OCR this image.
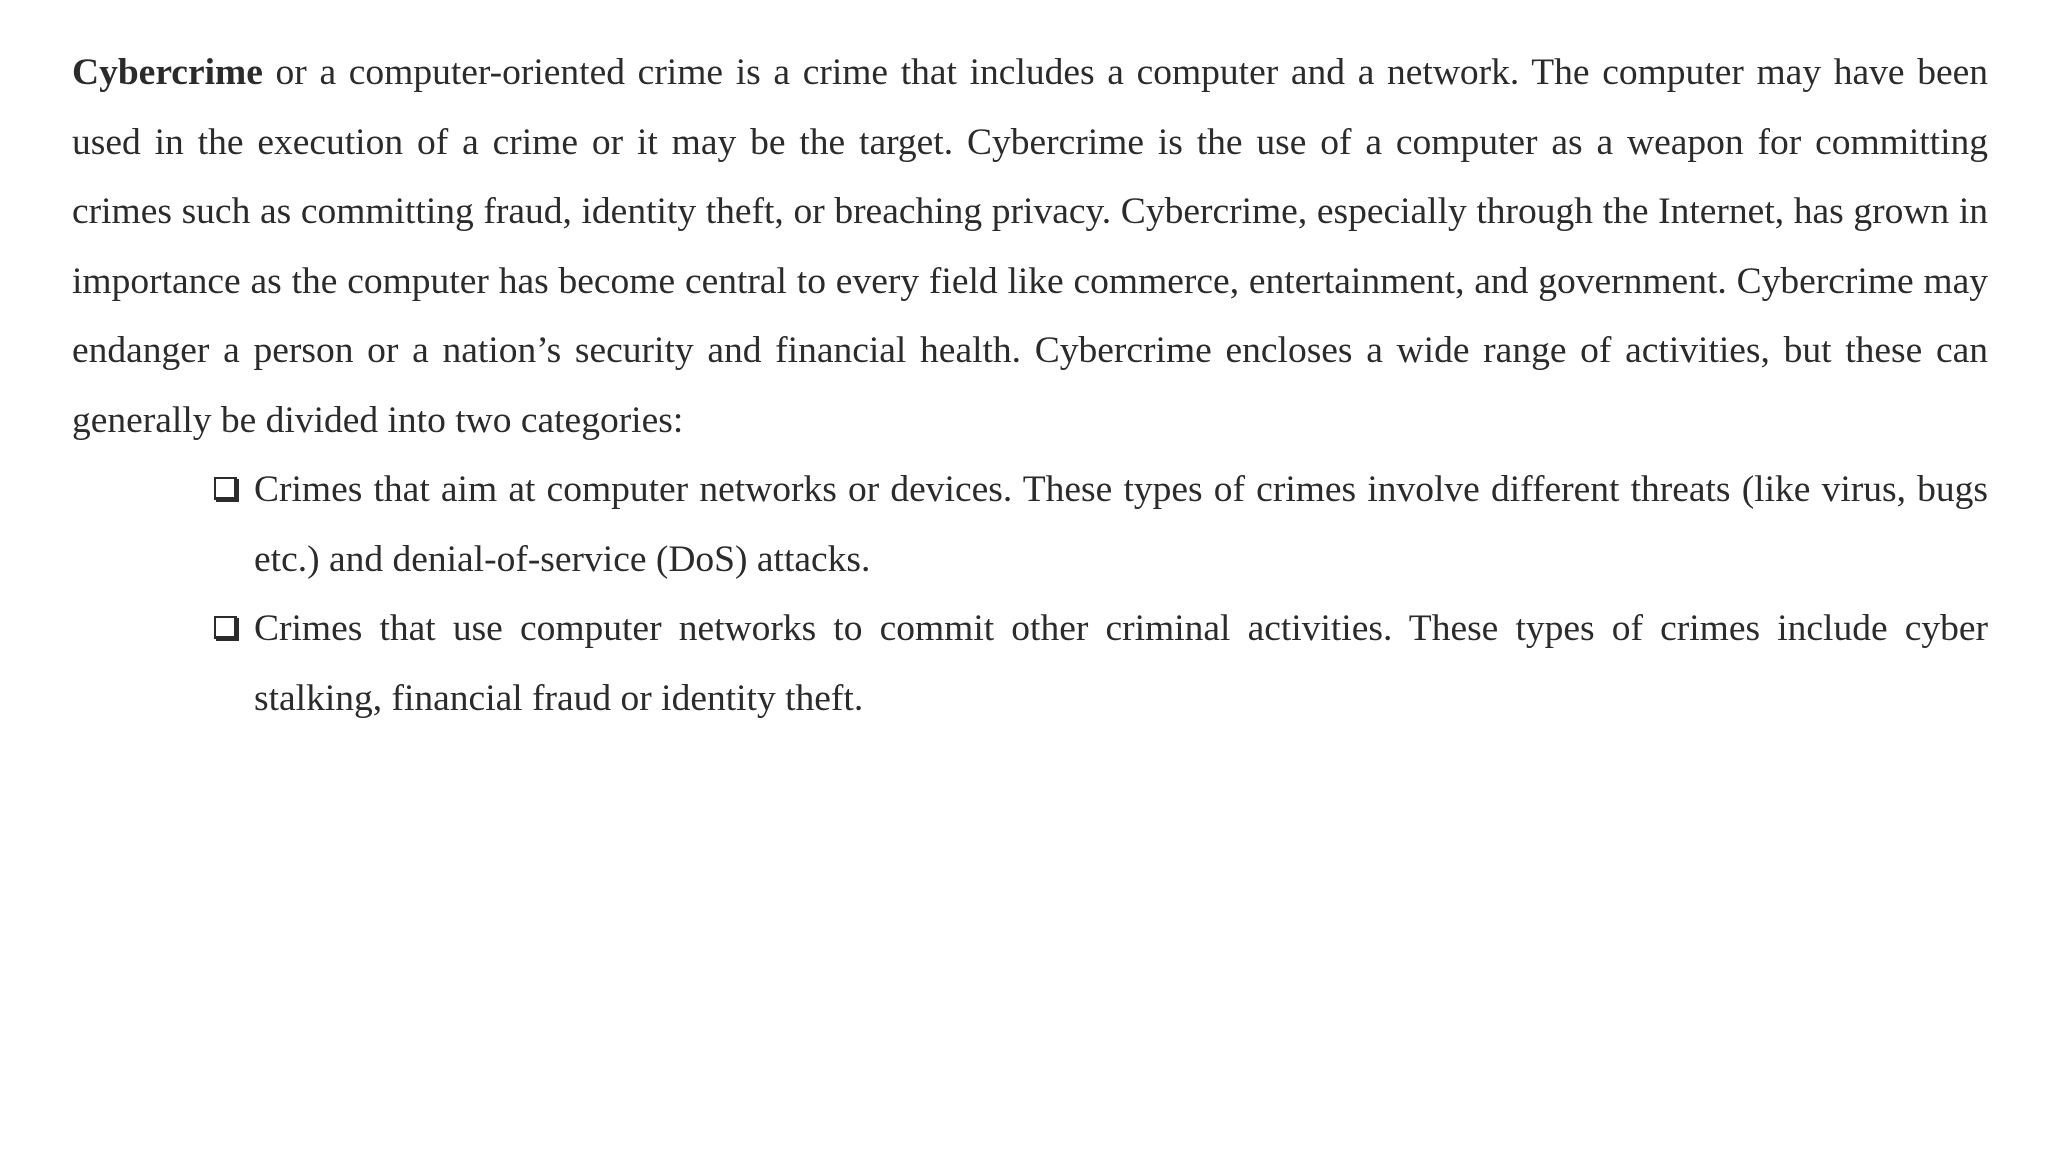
Cybercrime or a computer-oriented crime is a crime that includes a computer and a network. The computer may have been used in the execution of a crime or it may be the target. Cybercrime is the use of a computer as a weapon for committing crimes such as committing fraud, identity theft, or breaching privacy. Cybercrime, especially through the Internet, has grown in importance as the computer has become central to every field like commerce, entertainment, and government. Cybercrime may endanger a person or a nation’s security and financial health. Cybercrime encloses a wide range of activities, but these can generally be divided into two categories:

Crimes that aim at computer networks or devices. These types of crimes involve different threats (like virus, bugs etc.) and denial-of-service (DoS) attacks.
Crimes that use computer networks to commit other criminal activities. These types of crimes include cyber stalking, financial fraud or identity theft.
